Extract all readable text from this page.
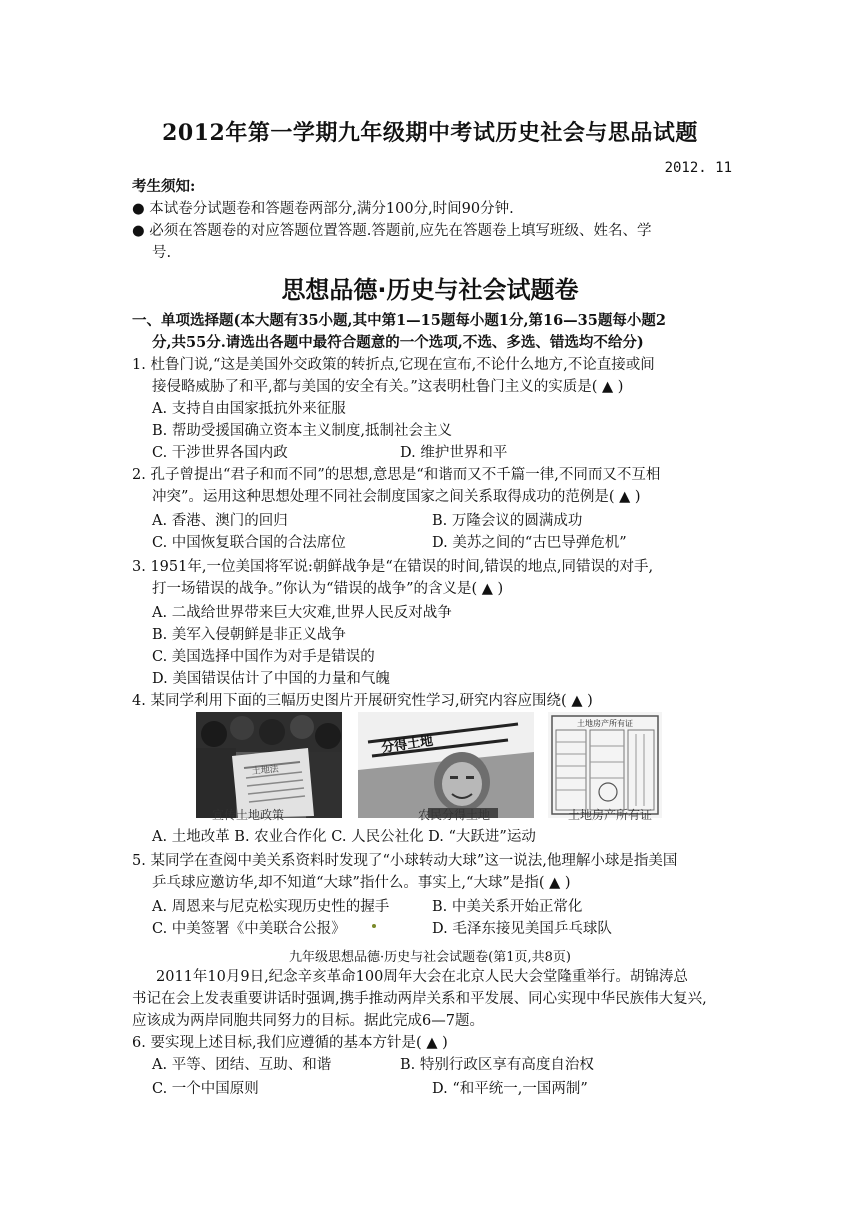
2012年第一学期九年级期中考试历史社会与思品试题
2012. 11
考生须知:
● 本试卷分试题卷和答题卷两部分,满分100分,时间90分钟.
● 必须在答题卷的对应答题位置答题.答题前,应先在答题卷上填写班级、姓名、学
号.
思想品德·历史与社会试题卷
一、单项选择题(本大题有35小题,其中第1—15题每小题1分,第16—35题每小题2
分,共55分.请选出各题中最符合题意的一个选项,不选、多选、错选均不给分)
1. 杜鲁门说,“这是美国外交政策的转折点,它现在宣布,不论什么地方,不论直接或间
接侵略威胁了和平,都与美国的安全有关。”这表明杜鲁门主义的实质是( ▲ )
A. 支持自由国家抵抗外来征服
B. 帮助受援国确立资本主义制度,抵制社会主义
C. 干涉世界各国内政	D. 维护世界和平
2. 孔子曾提出“君子和而不同”的思想,意思是“和谐而又不千篇一律,不同而又不互相
冲突”。运用这种思想处理不同社会制度国家之间关系取得成功的范例是( ▲ )
A. 香港、澳门的回归	B. 万隆会议的圆满成功
C. 中国恢复联合国的合法席位	D. 美苏之间的“古巴导弹危机”
3. 1951年,一位美国将军说:朝鲜战争是“在错误的时间,错误的地点,同错误的对手,
打一场错误的战争。”你认为“错误的战争”的含义是( ▲ )
A. 二战给世界带来巨大灾难,世界人民反对战争
B. 美军入侵朝鲜是非正义战争
C. 美国选择中国作为对手是错误的
D. 美国错误估计了中国的力量和气魄
4. 某同学利用下面的三幅历史图片开展研究性学习,研究内容应围绕( ▲ )
土地法
分得土地
土地房产所有证
宣传土地政策	农民分得土地	土地房产所有证
A. 土地改革 B. 农业合作化 C. 人民公社化 D. “大跃进”运动
5. 某同学在查阅中美关系资料时发现了“小球转动大球”这一说法,他理解小球是指美国
乒乓球应邀访华,却不知道“大球”指什么。事实上,“大球”是指( ▲ )
A. 周恩来与尼克松实现历史性的握手	B. 中美关系开始正常化
C. 中美签署《中美联合公报》	D. 毛泽东接见美国乒乓球队
九年级思想品德·历史与社会试题卷(第1页,共8页)
2011年10月9日,纪念辛亥革命100周年大会在北京人民大会堂隆重举行。胡锦涛总
书记在会上发表重要讲话时强调,携手推动两岸关系和平发展、同心实现中华民族伟大复兴,
应该成为两岸同胞共同努力的目标。据此完成6—7题。
6. 要实现上述目标,我们应遵循的基本方针是( ▲ )
A. 平等、团结、互助、和谐	B. 特别行政区享有高度自治权
C. 一个中国原则	D. “和平统一,一国两制”
